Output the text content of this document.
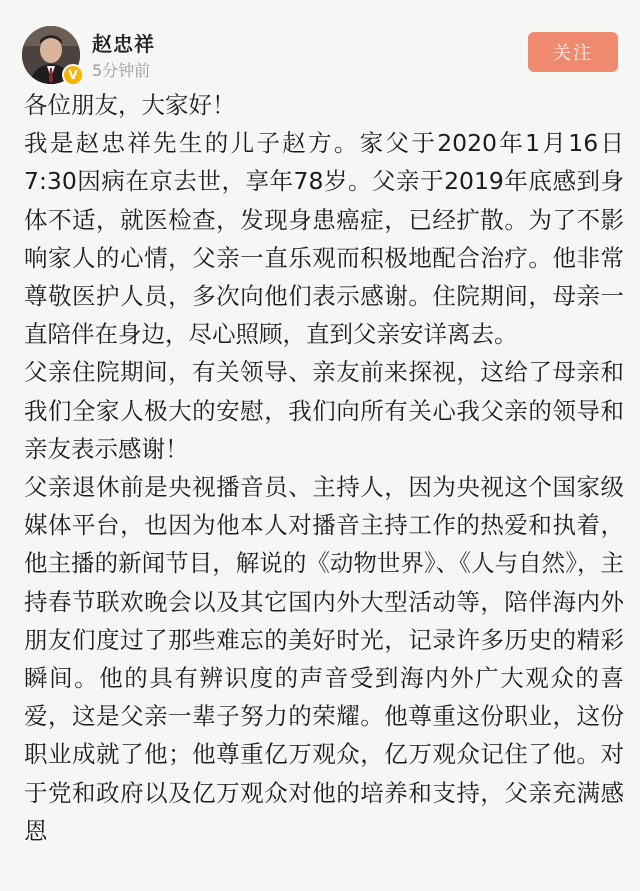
V
赵忠祥
5分钟前
关注

各位朋友，大家好！

我是赵忠祥先生的儿子赵方。家父于2020年1月16日7:30因病在京去世，享年78岁。父亲于2019年底感到身体不适，就医检查，发现身患癌症，已经扩散。为了不影响家人的心情，父亲一直乐观而积极地配合治疗。他非常尊敬医护人员，多次向他们表示感谢。住院期间，母亲一直陪伴在身边，尽心照顾，直到父亲安详离去。

父亲住院期间，有关领导、亲友前来探视，这给了母亲和我们全家人极大的安慰，我们向所有关心我父亲的领导和亲友表示感谢！

父亲退休前是央视播音员、主持人，因为央视这个国家级媒体平台，也因为他本人对播音主持工作的热爱和执着，他主播的新闻节目，解说的《动物世界》、《人与自然》，主持春节联欢晚会以及其它国内外大型活动等，陪伴海内外朋友们度过了那些难忘的美好时光，记录许多历史的精彩瞬间。他的具有辨识度的声音受到海内外广大观众的喜爱，这是父亲一辈子努力的荣耀。他尊重这份职业，这份职业成就了他；他尊重亿万观众，亿万观众记住了他。对于党和政府以及亿万观众对他的培养和支持，父亲充满感恩
